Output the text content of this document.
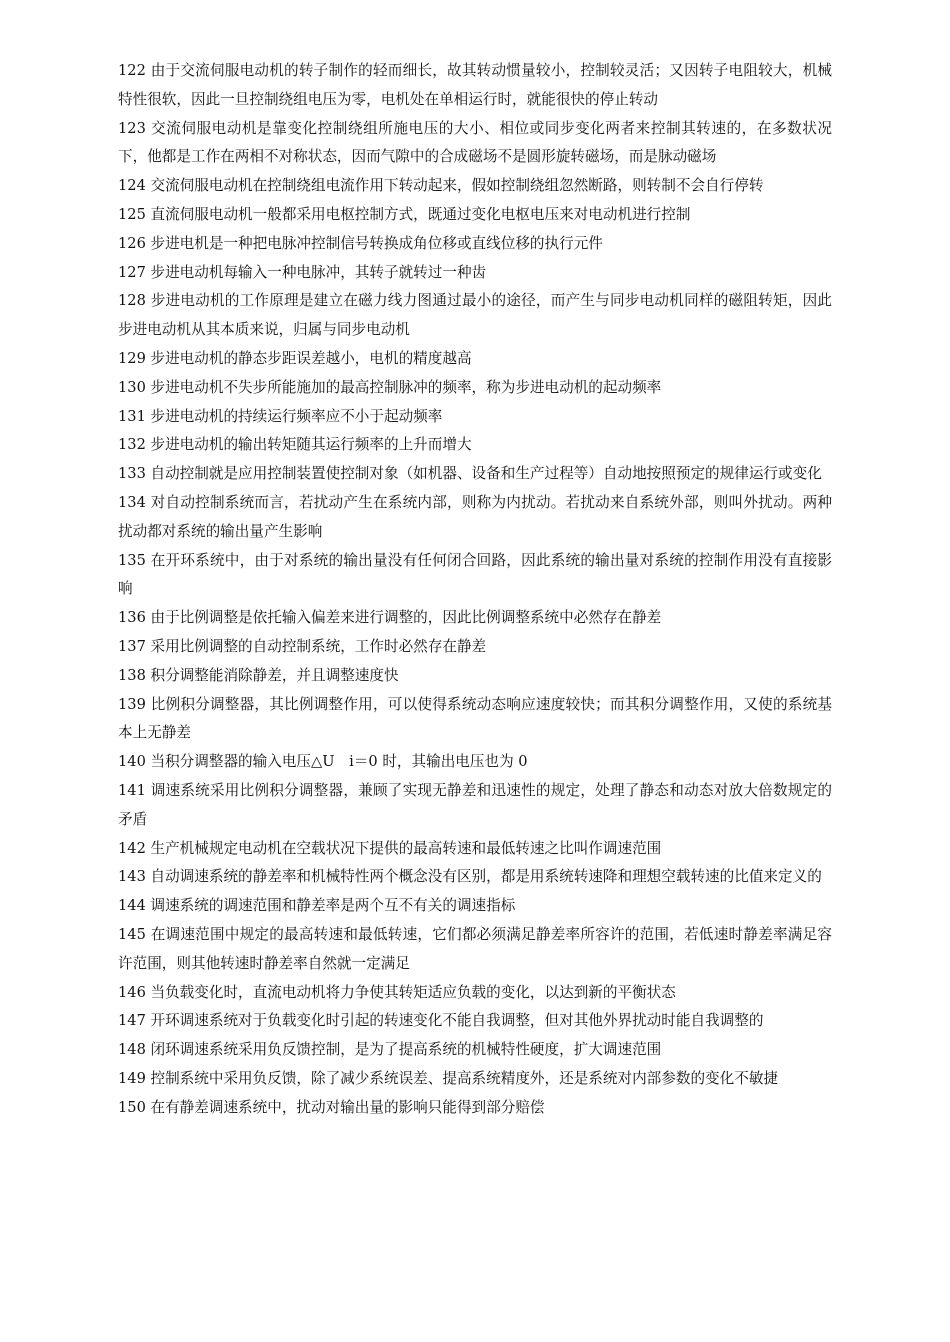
122 由于交流伺服电动机的转子制作的轻而细长，故其转动惯量较小，控制较灵活；又因转子电阻较大，机械特性很软，因此一旦控制绕组电压为零，电机处在单相运行时，就能很快的停止转动

123 交流伺服电动机是靠变化控制绕组所施电压的大小、相位或同步变化两者来控制其转速的，在多数状况下，他都是工作在两相不对称状态，因而气隙中的合成磁场不是圆形旋转磁场，而是脉动磁场

124 交流伺服电动机在控制绕组电流作用下转动起来，假如控制绕组忽然断路，则转制不会自行停转

125 直流伺服电动机一般都采用电枢控制方式，既通过变化电枢电压来对电动机进行控制

126 步进电机是一种把电脉冲控制信号转换成角位移或直线位移的执行元件

127 步进电动机每输入一种电脉冲，其转子就转过一种齿

128 步进电动机的工作原理是建立在磁力线力图通过最小的途径，而产生与同步电动机同样的磁阻转矩，因此步进电动机从其本质来说，归属与同步电动机

129 步进电动机的静态步距误差越小，电机的精度越高

130 步进电动机不失步所能施加的最高控制脉冲的频率，称为步进电动机的起动频率

131 步进电动机的持续运行频率应不小于起动频率

132 步进电动机的输出转矩随其运行频率的上升而增大

133 自动控制就是应用控制装置使控制对象（如机器、设备和生产过程等）自动地按照预定的规律运行或变化

134 对自动控制系统而言，若扰动产生在系统内部，则称为内扰动。若扰动来自系统外部，则叫外扰动。两种扰动都对系统的输出量产生影响

135 在开环系统中，由于对系统的输出量没有任何闭合回路，因此系统的输出量对系统的控制作用没有直接影响

136 由于比例调整是依托输入偏差来进行调整的，因此比例调整系统中必然存在静差

137 采用比例调整的自动控制系统，工作时必然存在静差

138 积分调整能消除静差，并且调整速度快

139 比例积分调整器，其比例调整作用，可以使得系统动态响应速度较快；而其积分调整作用，又使的系统基本上无静差

140 当积分调整器的输入电压△U　i＝0 时，其输出电压也为 0

141 调速系统采用比例积分调整器，兼顾了实现无静差和迅速性的规定，处理了静态和动态对放大倍数规定的矛盾

142 生产机械规定电动机在空载状况下提供的最高转速和最低转速之比叫作调速范围

143 自动调速系统的静差率和机械特性两个概念没有区别，都是用系统转速降和理想空载转速的比值来定义的

144 调速系统的调速范围和静差率是两个互不有关的调速指标

145 在调速范围中规定的最高转速和最低转速，它们都必须满足静差率所容许的范围，若低速时静差率满足容许范围，则其他转速时静差率自然就一定满足

146 当负载变化时，直流电动机将力争使其转矩适应负载的变化，以达到新的平衡状态

147 开环调速系统对于负载变化时引起的转速变化不能自我调整，但对其他外界扰动时能自我调整的

148 闭环调速系统采用负反馈控制，是为了提高系统的机械特性硬度，扩大调速范围

149 控制系统中采用负反馈，除了减少系统误差、提高系统精度外，还是系统对内部参数的变化不敏捷

150 在有静差调速系统中，扰动对输出量的影响只能得到部分赔偿
